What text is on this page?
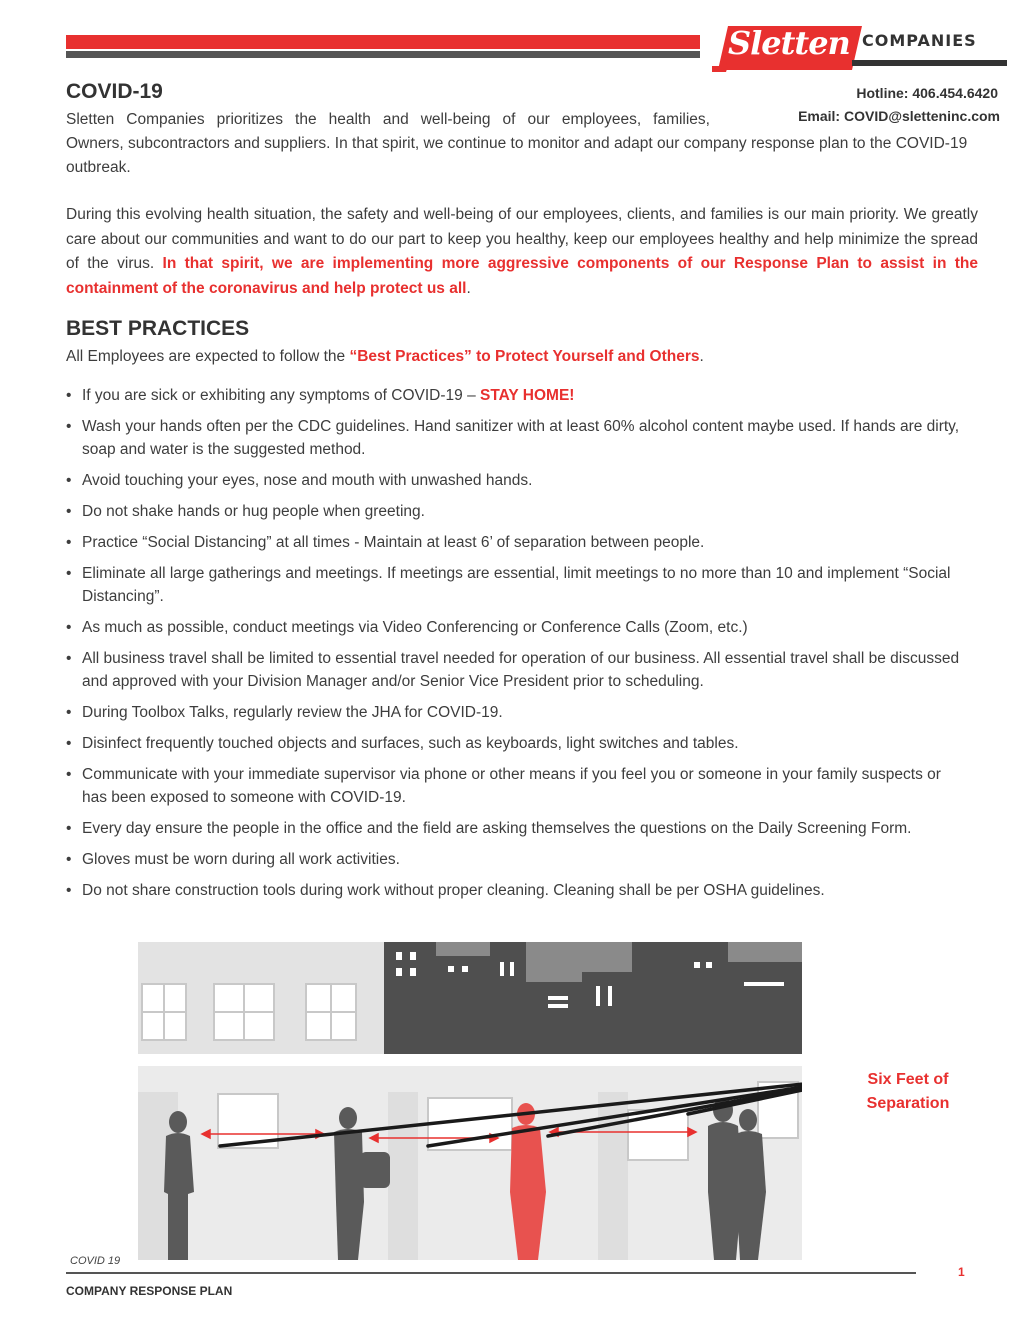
Sletten COMPANIES
COVID-19	Hotline: 406.454.6420
Email: COVID@sletteninc.com

Sletten Companies prioritizes the health and well-being of our employees, families,
Owners, subcontractors and suppliers. In that spirit, we continue to monitor and adapt our company response plan to the COVID-19 outbreak.

During this evolving health situation, the safety and well-being of our employees, clients, and families is our main priority. We greatly care about our communities and want to do our part to keep you healthy, keep our employees healthy and help minimize the spread of the virus. In that spirit, we are implementing more aggressive components of our Response Plan to assist in the containment of the coronavirus and help protect us all.

BEST PRACTICES

All Employees are expected to follow the “Best Practices” to Protect Yourself and Others.

• If you are sick or exhibiting any symptoms of COVID-19 – STAY HOME!
• Wash your hands often per the CDC guidelines. Hand sanitizer with at least 60% alcohol content maybe used. If hands are dirty, soap and water is the suggested method.
• Avoid touching your eyes, nose and mouth with unwashed hands.
• Do not shake hands or hug people when greeting.
• Practice “Social Distancing” at all times - Maintain at least 6’ of separation between people.
• Eliminate all large gatherings and meetings. If meetings are essential, limit meetings to no more than 10 and implement “Social Distancing”.
• As much as possible, conduct meetings via Video Conferencing or Conference Calls (Zoom, etc.)
• All business travel shall be limited to essential travel needed for operation of our business. All essential travel shall be discussed and approved with your Division Manager and/or Senior Vice President prior to scheduling.
• During Toolbox Talks, regularly review the JHA for COVID-19.
• Disinfect frequently touched objects and surfaces, such as keyboards, light switches and tables.
• Communicate with your immediate supervisor via phone or other means if you feel you or someone in your family suspects or has been exposed to someone with COVID-19.
• Every day ensure the people in the office and the field are asking themselves the questions on the Daily Screening Form.
• Gloves must be worn during all work activities.
• Do not share construction tools during work without proper cleaning. Cleaning shall be per OSHA guidelines.
Six Feet of
Separation
COVID 19
COMPANY RESPONSE PLAN
1
